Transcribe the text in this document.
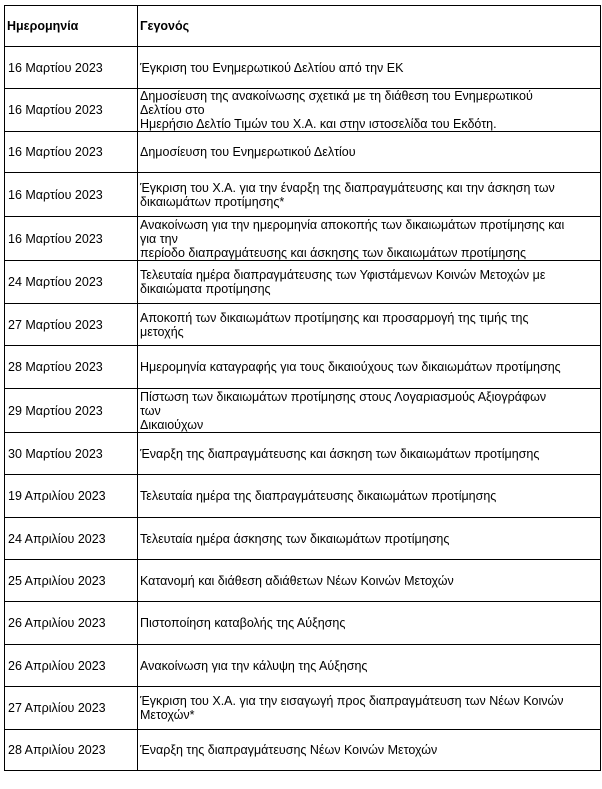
Ημερομηνία	Γεγονός
16 Μαρτίου 2023	Έγκριση του Ενημερωτικού Δελτίου από την ΕΚ

16 Μαρτίου 2023	Δημοσίευση της ανακοίνωσης σχετικά με τη διάθεση του Ενημερωτικού
Δελτίου στο
Ημερήσιο Δελτίο Τιμών του Χ.Α. και στην ιστοσελίδα του Εκδότη.

16 Μαρτίου 2023	Δημοσίευση του Ενημερωτικού Δελτίου

16 Μαρτίου 2023	Έγκριση του Χ.Α. για την έναρξη της διαπραγμάτευσης και την άσκηση των
δικαιωμάτων προτίμησης*

16 Μαρτίου 2023	Ανακοίνωση για την ημερομηνία αποκοπής των δικαιωμάτων προτίμησης και
για την
περίοδο διαπραγμάτευσης και άσκησης των δικαιωμάτων προτίμησης

24 Μαρτίου 2023	Τελευταία ημέρα διαπραγμάτευσης των Υφιστάμενων Κοινών Μετοχών με
δικαιώματα προτίμησης

27 Μαρτίου 2023	Αποκοπή των δικαιωμάτων προτίμησης και προσαρμογή της τιμής της
μετοχής

28 Μαρτίου 2023	Ημερομηνία καταγραφής για τους δικαιούχους των δικαιωμάτων προτίμησης

29 Μαρτίου 2023	Πίστωση των δικαιωμάτων προτίμησης στους Λογαριασμούς Αξιογράφων
των
Δικαιούχων

30 Μαρτίου 2023	Έναρξη της διαπραγμάτευσης και άσκηση των δικαιωμάτων προτίμησης

19 Απριλίου 2023	Τελευταία ημέρα της διαπραγμάτευσης δικαιωμάτων προτίμησης

24 Απριλίου 2023	Τελευταία ημέρα άσκησης των δικαιωμάτων προτίμησης

25 Απριλίου 2023	Κατανομή και διάθεση αδιάθετων Νέων Κοινών Μετοχών

26 Απριλίου 2023	Πιστοποίηση καταβολής της Αύξησης

26 Απριλίου 2023	Ανακοίνωση για την κάλυψη της Αύξησης

27 Απριλίου 2023	Έγκριση του Χ.Α. για την εισαγωγή προς διαπραγμάτευση των Νέων Κοινών
Μετοχών*

28 Απριλίου 2023	Έναρξη της διαπραγμάτευσης Νέων Κοινών Μετοχών
